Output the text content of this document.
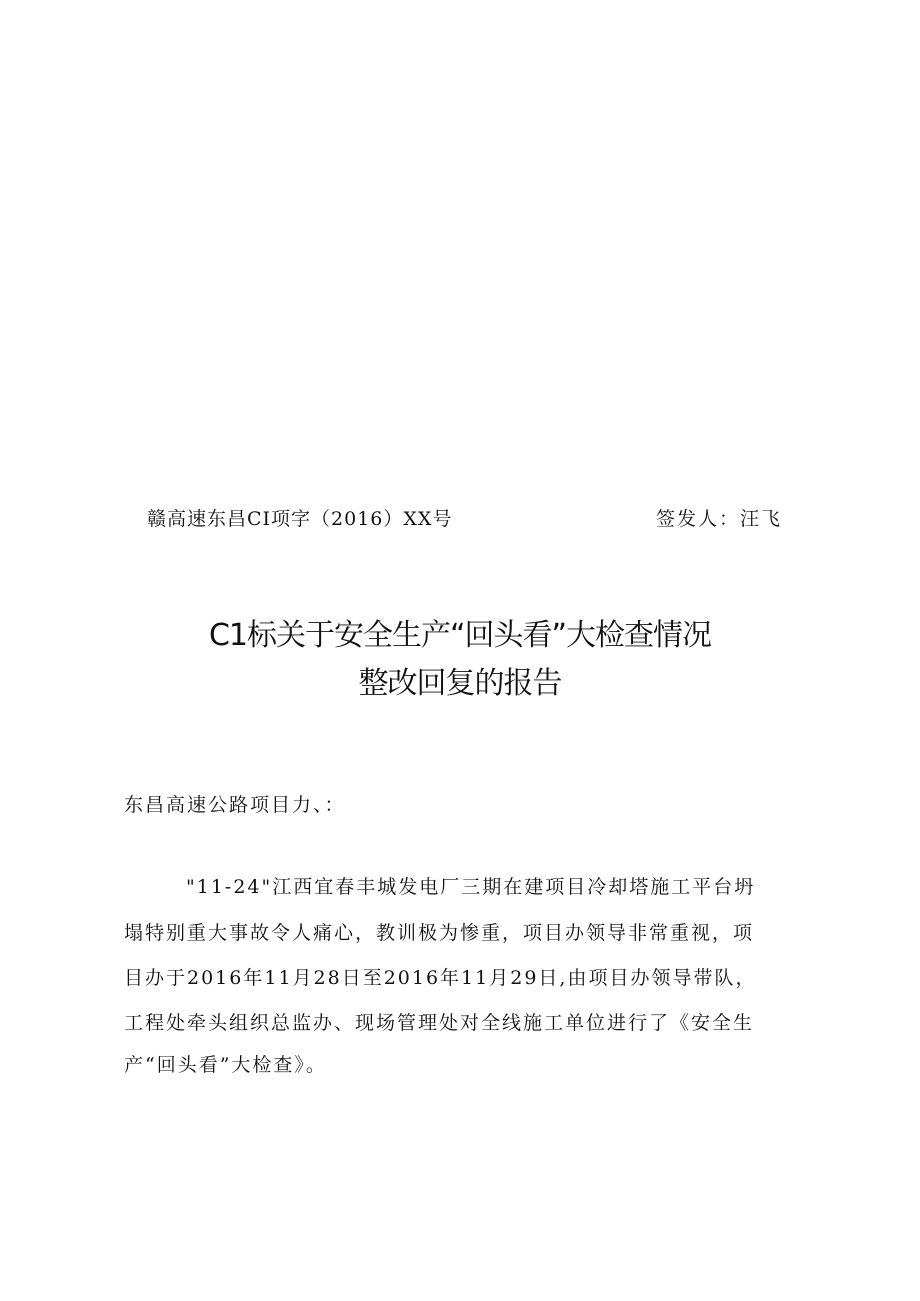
赣高速东昌CI项字（2016）XX号	签发人：汪飞
C1标关于安全生产“回头看”大检查情况
整改回复的报告
东昌高速公路项目力、：
"11-24"江西宜春丰城发电厂三期在建项目冷却塔施工平台坍
塌特别重大事故令人痛心，教训极为惨重，项目办领导非常重视，项
目办于2016年11月28日至2016年11月29日,由项目办领导带队，
工程处牵头组织总监办、现场管理处对全线施工单位进行了《安全生
产“回头看”大检查》。
